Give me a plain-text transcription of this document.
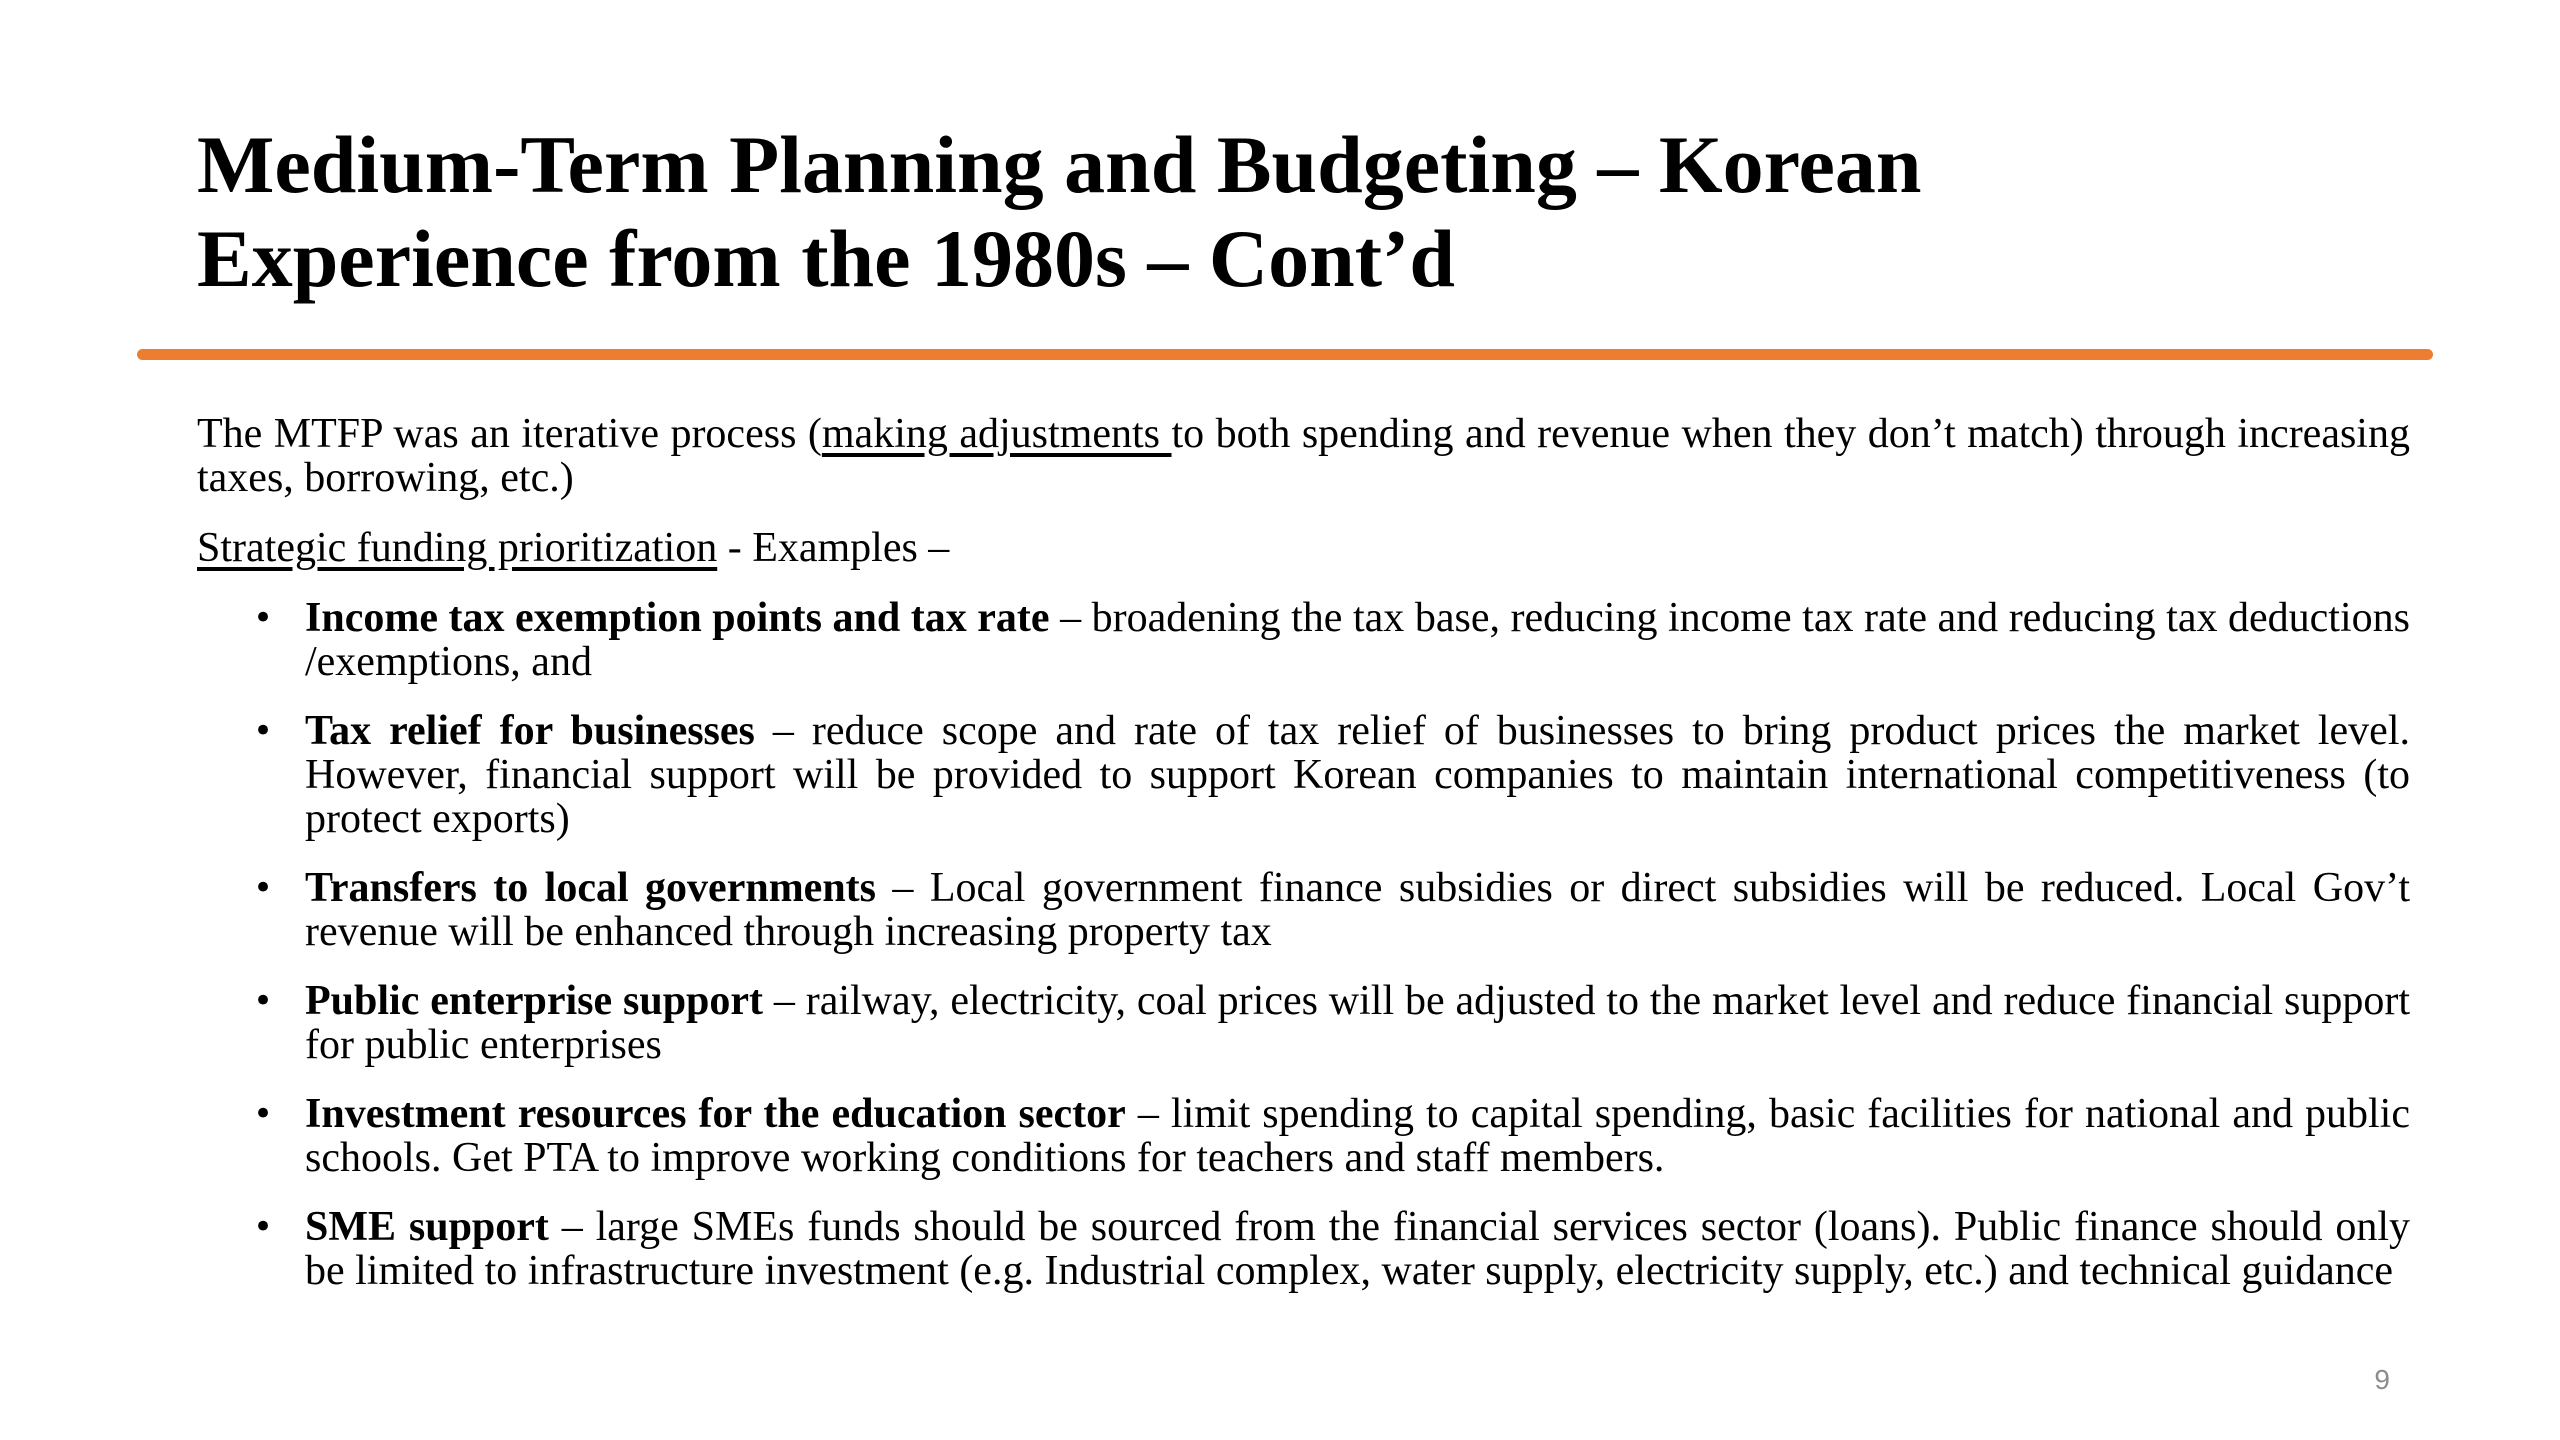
Medium-Term Planning and Budgeting – Korean
Experience from the 1980s – Cont’d

The MTFP was an iterative process (making adjustments to both spending and revenue when they don’t match) through increasing taxes, borrowing, etc.)

Strategic funding prioritization - Examples –

• Income tax exemption points and tax rate – broadening the tax base, reducing income tax rate and reducing tax deductions /exemptions, and
• Tax relief for businesses – reduce scope and rate of tax relief of businesses to bring product prices the market level. However, financial support will be provided to support Korean companies to maintain international competitiveness (to protect exports)
• Transfers to local governments – Local government finance subsidies or direct subsidies will be reduced. Local Gov’t revenue will be enhanced through increasing property tax
• Public enterprise support – railway, electricity, coal prices will be adjusted to the market level and reduce financial support for public enterprises
• Investment resources for the education sector – limit spending to capital spending, basic facilities for national and public schools. Get PTA to improve working conditions for teachers and staff members.
• SME support – large SMEs funds should be sourced from the financial services sector (loans). Public finance should only be limited to infrastructure investment (e.g. Industrial complex, water supply, electricity supply, etc.) and technical guidance
9
